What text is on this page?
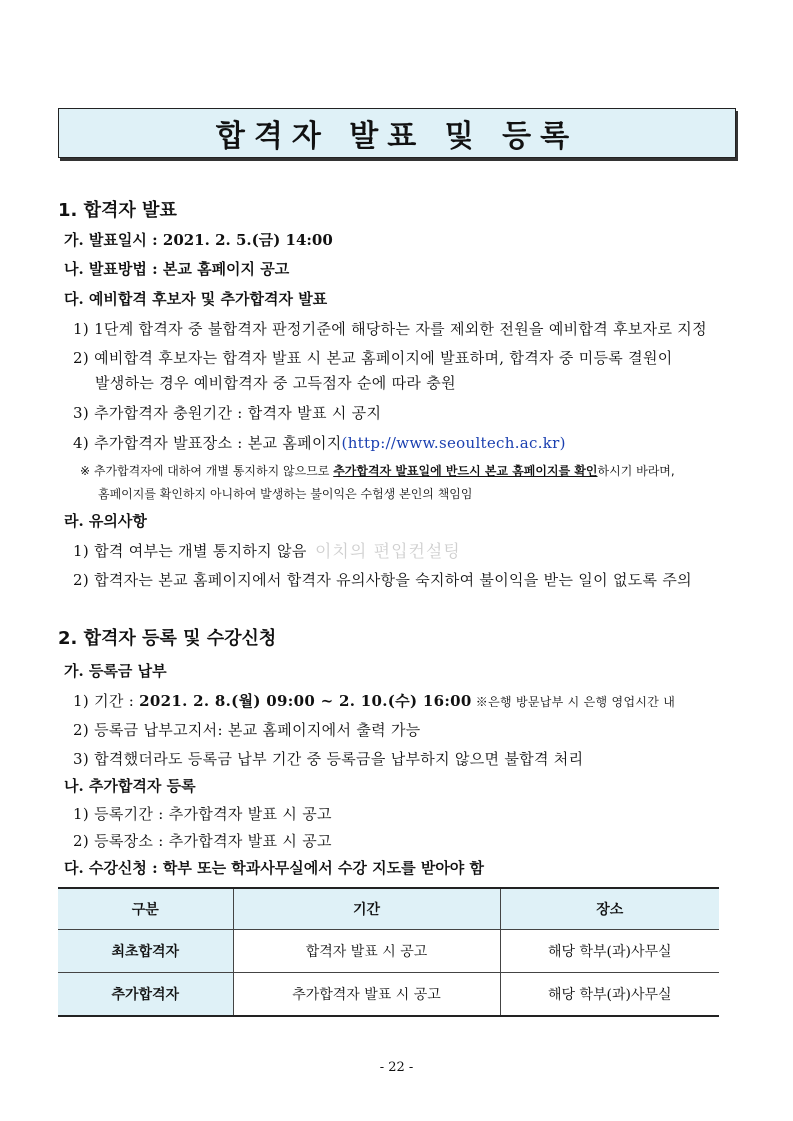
합격자 발표 및 등록
1. 합격자 발표
가. 발표일시 : 2021. 2. 5.(금) 14:00
나. 발표방법 : 본교 홈페이지 공고
다. 예비합격 후보자 및 추가합격자 발표
1) 1단계 합격자 중 불합격자 판정기준에 해당하는 자를 제외한 전원을 예비합격 후보자로 지정
2) 예비합격 후보자는 합격자 발표 시 본교 홈페이지에 발표하며, 합격자 중 미등록 결원이
발생하는 경우 예비합격자 중 고득점자 순에 따라 충원
3) 추가합격자 충원기간 : 합격자 발표 시 공지
4) 추가합격자 발표장소 : 본교 홈페이지(http://www.seoultech.ac.kr)
※ 추가합격자에 대하여 개별 통지하지 않으므로 추가합격자 발표일에 반드시 본교 홈페이지를 확인하시기 바라며,
홈페이지를 확인하지 아니하여 발생하는 불이익은 수험생 본인의 책임임
라. 유의사항
1) 합격 여부는 개별 통지하지 않음
2) 합격자는 본교 홈페이지에서 합격자 유의사항을 숙지하여 불이익을 받는 일이 없도록 주의
이치의 편입컨설팅
2. 합격자 등록 및 수강신청
가. 등록금 납부
1) 기간 : 2021. 2. 8.(월) 09:00 ~ 2. 10.(수) 16:00 ※은행 방문납부 시 은행 영업시간 내
2) 등록금 납부고지서: 본교 홈페이지에서 출력 가능
3) 합격했더라도 등록금 납부 기간 중 등록금을 납부하지 않으면 불합격 처리
나. 추가합격자 등록
1) 등록기간 : 추가합격자 발표 시 공고
2) 등록장소 : 추가합격자 발표 시 공고
다. 수강신청 : 학부 또는 학과사무실에서 수강 지도를 받아야 함
구분	기간	장소
최초합격자	합격자 발표 시 공고	해당 학부(과)사무실
추가합격자	추가합격자 발표 시 공고	해당 학부(과)사무실
- 22 -
